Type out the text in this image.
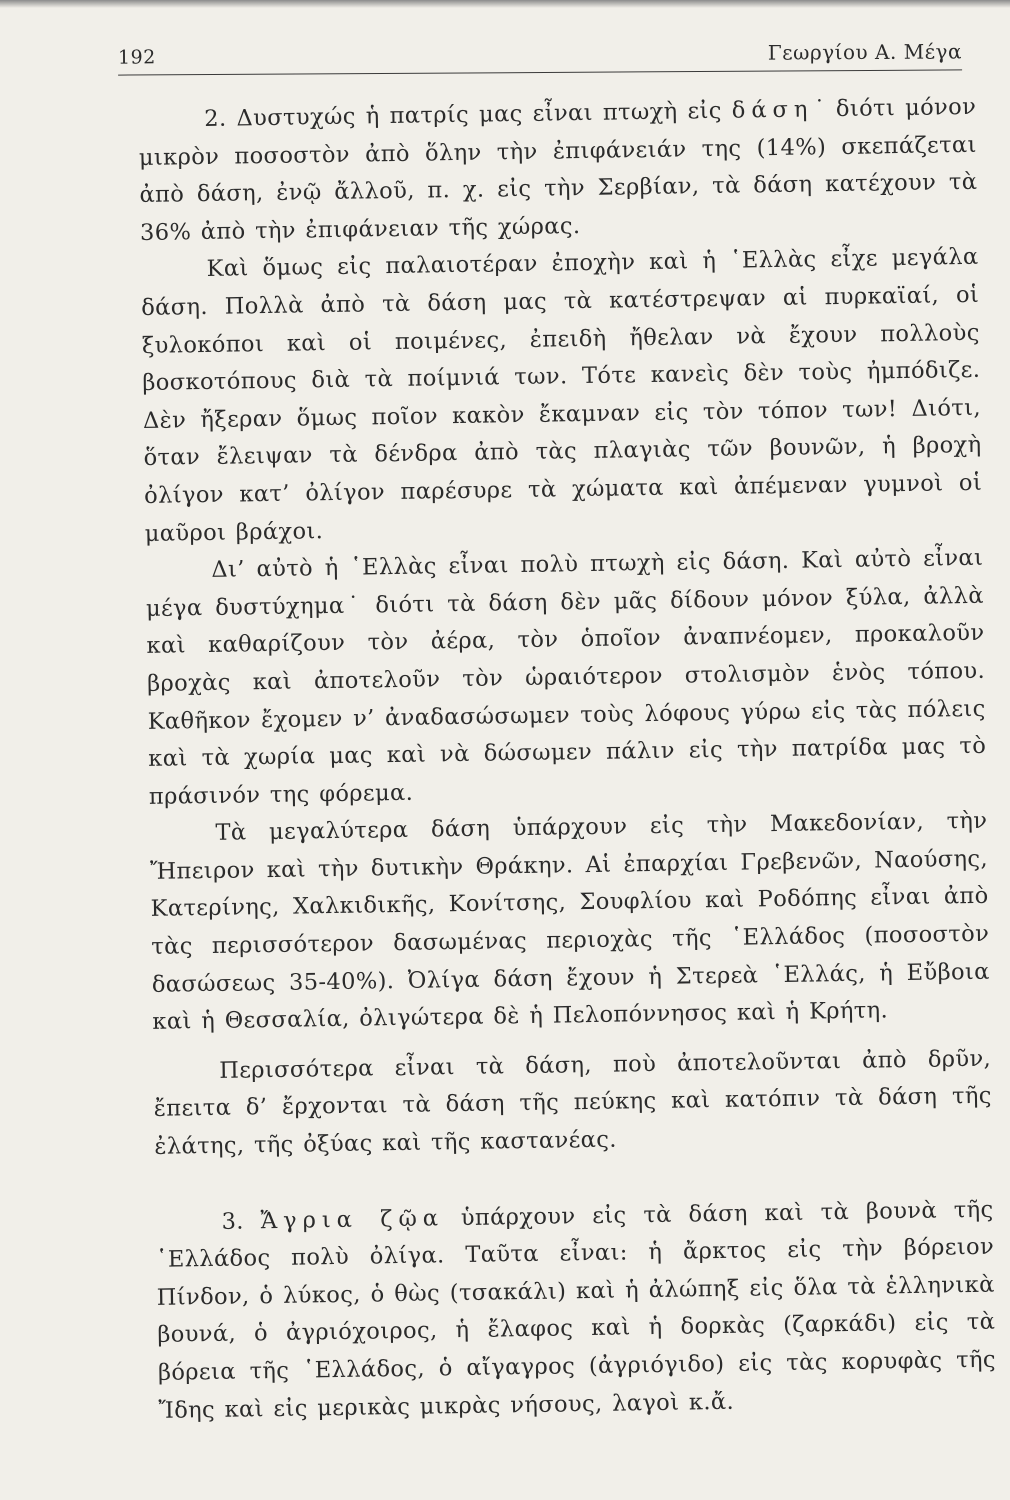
192	Γεωργίου Α. Μέγα

2. Δυστυχώς ἡ πατρίς μας εἶναι πτωχὴ εἰς δάση˙ διότι μόνον μικρὸν ποσοστὸν ἀπὸ ὅλην τὴν ἐπιφάνειάν της (14%) σκεπάζεται ἀπὸ δάση, ἐνῷ ἄλλοῦ, π. χ. εἰς τὴν Σερβίαν, τὰ δάση κατέχουν τὰ 36% ἀπὸ τὴν ἐπιφάνειαν τῆς χώρας.

Καὶ ὅμως εἰς παλαιοτέραν ἐποχὴν καὶ ἡ ῾Ελλὰς εἶχε μεγάλα δάση. Πολλὰ ἀπὸ τὰ δάση μας τὰ κατέστρεψαν αἱ πυρκαϊαί, οἱ ξυλοκόποι καὶ οἱ ποιμένες, ἐπειδὴ ἤθελαν νὰ ἔχουν πολλοὺς βοσκοτόπους διὰ τὰ ποίμνιά των. Τότε κανεὶς δὲν τοὺς ἠμπόδιζε. Δὲν ἤξεραν ὅμως ποῖον κακὸν ἔκαμναν εἰς τὸν τόπον των! Διότι, ὅταν ἔλειψαν τὰ δένδρα ἀπὸ τὰς πλαγιὰς τῶν βουνῶν, ἡ βροχὴ ὀλίγον κατ’ ὀλίγον παρέσυρε τὰ χώματα καὶ ἀπέμεναν γυμνοὶ οἱ μαῦροι βράχοι.

Δι’ αὐτὸ ἡ ῾Ελλὰς εἶναι πολὺ πτωχὴ εἰς δάση. Καὶ αὐτὸ εἶναι μέγα δυστύχημα˙ διότι τὰ δάση δὲν μᾶς δίδουν μόνον ξύλα, ἀλλὰ καὶ καθαρίζουν τὸν ἀέρα, τὸν ὁποῖον ἀναπνέομεν, προκαλοῦν βροχὰς καὶ ἀποτελοῦν τὸν ὡραιότερον στολισμὸν ἑνὸς τόπου. Καθῆκον ἔχομεν ν’ ἀναδασώσωμεν τοὺς λόφους γύρω εἰς τὰς πόλεις καὶ τὰ χωρία μας καὶ νὰ δώσωμεν πάλιν εἰς τὴν πατρίδα μας τὸ πράσινόν της φόρεμα.

Τὰ μεγαλύτερα δάση ὑπάρχουν εἰς τὴν Μακεδονίαν, τὴν Ἤπειρον καὶ τὴν δυτικὴν Θράκην. Αἱ ἐπαρχίαι Γρεβενῶν, Ναούσης, Κατερίνης, Χαλκιδικῆς, Κονίτσης, Σουφλίου καὶ Ροδόπης εἶναι ἀπὸ τὰς περισσότερον δασωμένας περιοχὰς τῆς ῾Ελλάδος (ποσοστὸν δασώσεως 35-40%). Ὀλίγα δάση ἔχουν ἡ Στερεὰ ῾Ελλάς, ἡ Εὔβοια καὶ ἡ Θεσσαλία, ὀλιγώτερα δὲ ἡ Πελοπόννησος καὶ ἡ Κρήτη.

Περισσότερα εἶναι τὰ δάση, ποὺ ἀποτελοῦνται ἀπὸ δρῦν, ἔπειτα δ’ ἔρχονται τὰ δάση τῆς πεύκης καὶ κατόπιν τὰ δάση τῆς ἐλάτης, τῆς ὀξύας καὶ τῆς καστανέας.

3. Ἄγρια ζῷα ὑπάρχουν εἰς τὰ δάση καὶ τὰ βουνὰ τῆς ῾Ελλάδος πολὺ ὀλίγα. Ταῦτα εἶναι: ἡ ἄρκτος εἰς τὴν βόρειον Πίνδον, ὁ λύκος, ὁ θὼς (τσακάλι) καὶ ἡ ἀλώπηξ εἰς ὅλα τὰ ἑλληνικὰ βουνά, ὁ ἀγριόχοιρος, ἡ ἔλαφος καὶ ἡ δορκὰς (ζαρκάδι) εἰς τὰ βόρεια τῆς ῾Ελλάδος, ὁ αἴγαγρος (ἀγριόγιδο) εἰς τὰς κορυφὰς τῆς Ἴδης καὶ εἰς μερικὰς μικρὰς νήσους, λαγοὶ κ.ἄ.
